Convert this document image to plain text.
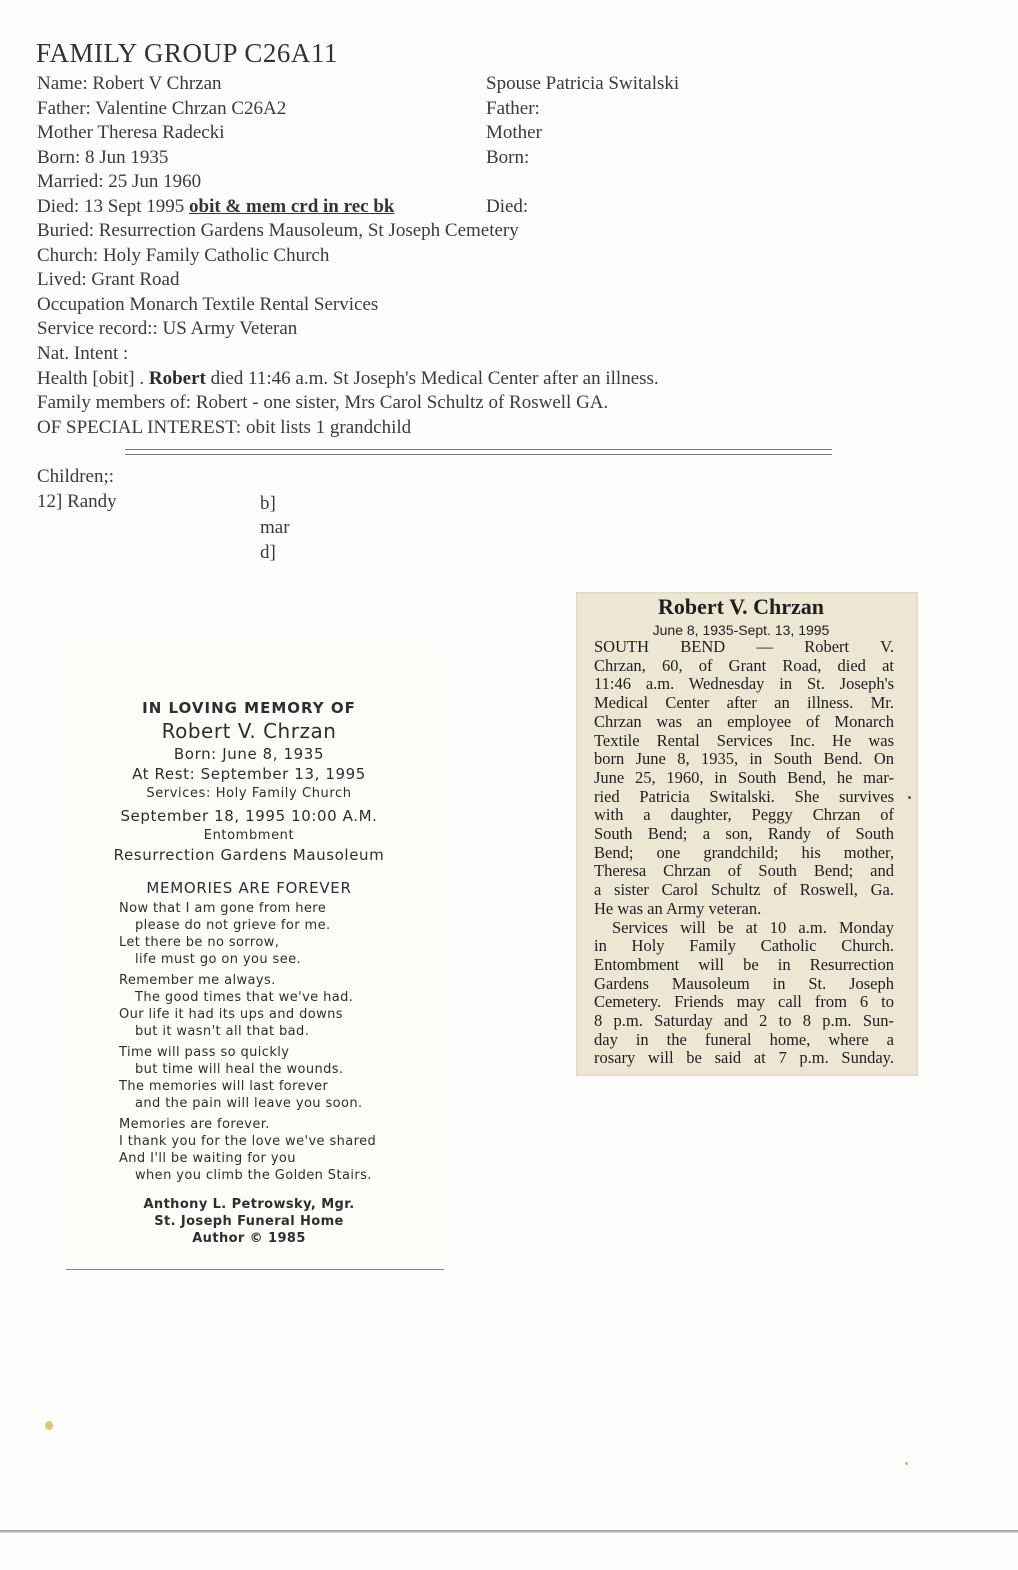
FAMILY GROUP C26A11
Name: Robert V Chrzan
Father: Valentine Chrzan C26A2
Mother Theresa Radecki
Born: 8 Jun 1935
Married: 25 Jun 1960
Died: 13 Sept 1995 obit & mem crd in rec bk
Buried: Resurrection Gardens Mausoleum, St Joseph Cemetery
Church: Holy Family Catholic Church
Lived: Grant Road
Occupation Monarch Textile Rental Services
Service record:: US Army Veteran
Nat. Intent :
Health [obit] . Robert died 11:46 a.m. St Joseph's Medical Center after an illness.
Family members of: Robert - one sister, Mrs Carol Schultz of Roswell GA.
OF SPECIAL INTEREST: obit lists 1 grandchild
Spouse Patricia Switalski
Father:
Mother
Born:
Died:
Children;:
12] Randy	b]
mar
d]
IN LOVING MEMORY OF
Robert V. Chrzan
Born: June 8, 1935
At Rest: September 13, 1995
Services: Holy Family Church
September 18, 1995 10:00 A.M.
Entombment
Resurrection Gardens Mausoleum
MEMORIES ARE FOREVER
Now that I am gone from here
please do not grieve for me.
Let there be no sorrow,
life must go on you see.
Remember me always.
The good times that we've had.
Our life it had its ups and downs
but it wasn't all that bad.
Time will pass so quickly
but time will heal the wounds.
The memories will last forever
and the pain will leave you soon.
Memories are forever.
I thank you for the love we've shared
And I'll be waiting for you
when you climb the Golden Stairs.
Anthony L. Petrowsky, Mgr.
St. Joseph Funeral Home
Author © 1985
Robert V. Chrzan
June 8, 1935-Sept. 13, 1995
SOUTH BEND — Robert V.
Chrzan, 60, of Grant Road, died at
11:46 a.m. Wednesday in St. Joseph's
Medical Center after an illness. Mr.
Chrzan was an employee of Monarch
Textile Rental Services Inc. He was
born June 8, 1935, in South Bend. On
June 25, 1960, in South Bend, he mar-
ried Patricia Switalski. She survives
with a daughter, Peggy Chrzan of
South Bend; a son, Randy of South
Bend; one grandchild; his mother,
Theresa Chrzan of South Bend; and
a sister Carol Schultz of Roswell, Ga.
He was an Army veteran.
Services will be at 10 a.m. Monday
in Holy Family Catholic Church.
Entombment will be in Resurrection
Gardens Mausoleum in St. Joseph
Cemetery. Friends may call from 6 to
8 p.m. Saturday and 2 to 8 p.m. Sun-
day in the funeral home, where a
rosary will be said at 7 p.m. Sunday.
